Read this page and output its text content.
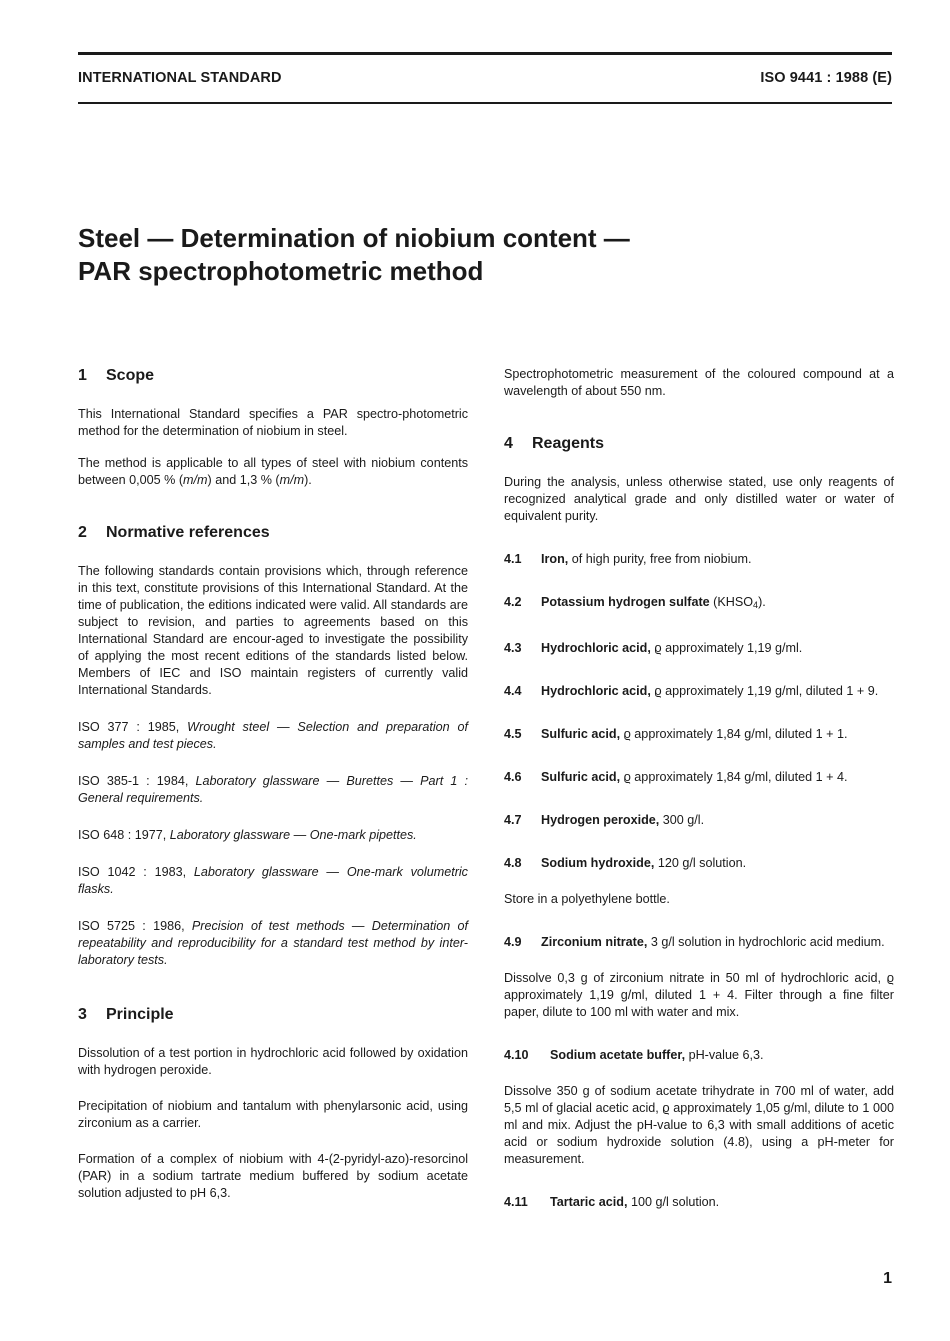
INTERNATIONAL STANDARD	ISO 9441 : 1988 (E)
Steel — Determination of niobium content —
PAR spectrophotometric method
1 Scope

This International Standard specifies a PAR spectro-photometric method for the determination of niobium in steel.

The method is applicable to all types of steel with niobium contents between 0,005 % (m/m) and 1,3 % (m/m).

2 Normative references

The following standards contain provisions which, through reference in this text, constitute provisions of this International Standard. At the time of publication, the editions indicated were valid. All standards are subject to revision, and parties to agreements based on this International Standard are encour-aged to investigate the possibility of applying the most recent editions of the standards listed below. Members of IEC and ISO maintain registers of currently valid International Standards.

ISO 377 : 1985, Wrought steel — Selection and preparation of samples and test pieces.

ISO 385-1 : 1984, Laboratory glassware — Burettes — Part 1 : General requirements.

ISO 648 : 1977, Laboratory glassware — One-mark pipettes.

ISO 1042 : 1983, Laboratory glassware — One-mark volumetric flasks.

ISO 5725 : 1986, Precision of test methods — Determination of repeatability and reproducibility for a standard test method by inter-laboratory tests.

3 Principle

Dissolution of a test portion in hydrochloric acid followed by oxidation with hydrogen peroxide.

Precipitation of niobium and tantalum with phenylarsonic acid, using zirconium as a carrier.

Formation of a complex of niobium with 4-(2-pyridyl-azo)-resorcinol (PAR) in a sodium tartrate medium buffered by sodium acetate solution adjusted to pH 6,3.

Spectrophotometric measurement of the coloured compound at a wavelength of about 550 nm.

4 Reagents

During the analysis, unless otherwise stated, use only reagents of recognized analytical grade and only distilled water or water of equivalent purity.

4.1 Iron, of high purity, free from niobium.

4.2 Potassium hydrogen sulfate $(KHSO_4)$.

4.3 Hydrochloric acid, ϱ approximately 1,19 g/ml.

4.4 Hydrochloric acid, ϱ approximately 1,19 g/ml, diluted 1 + 9.

4.5 Sulfuric acid, ϱ approximately 1,84 g/ml, diluted 1 + 1.

4.6 Sulfuric acid, ϱ approximately 1,84 g/ml, diluted 1 + 4.

4.7 Hydrogen peroxide, 300 g/l.

4.8 Sodium hydroxide, 120 g/l solution.

Store in a polyethylene bottle.

4.9 Zirconium nitrate, 3 g/l solution in hydrochloric acid medium.

Dissolve 0,3 g of zirconium nitrate in 50 ml of hydrochloric acid, ϱ approximately 1,19 g/ml, diluted 1 + 4. Filter through a fine filter paper, dilute to 100 ml with water and mix.

4.10 Sodium acetate buffer, pH-value 6,3.

Dissolve 350 g of sodium acetate trihydrate in 700 ml of water, add 5,5 ml of glacial acetic acid, ϱ approximately 1,05 g/ml, dilute to 1 000 ml and mix. Adjust the pH-value to 6,3 with small additions of acetic acid or sodium hydroxide solution (4.8), using a pH-meter for measurement.

4.11 Tartaric acid, 100 g/l solution.

1
